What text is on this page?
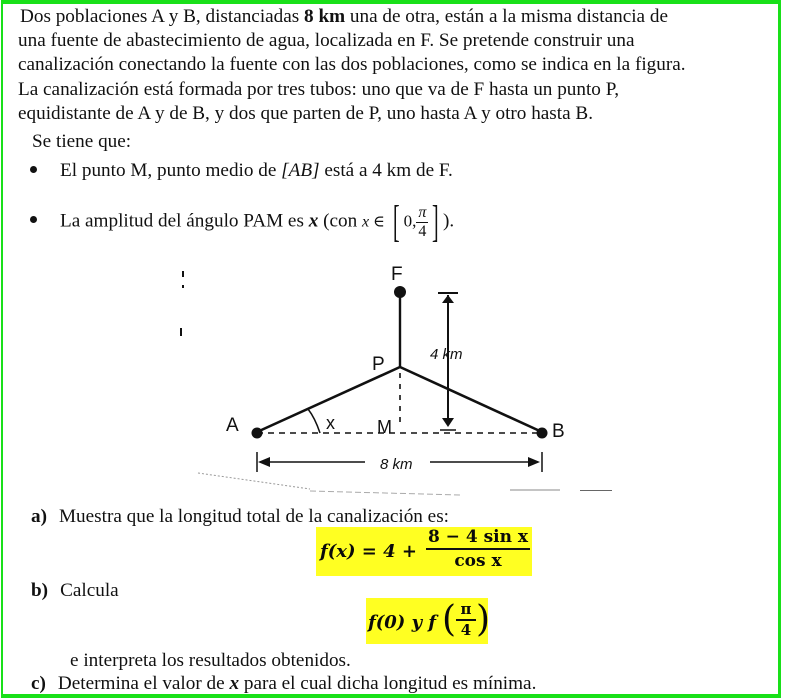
Dos poblaciones A y B, distanciadas 8 km una de otra, están a la misma distancia de

una fuente de abastecimiento de agua, localizada en F. Se pretende construir una

canalización conectando la fuente con las dos poblaciones, como se indica en la figura.

La canalización está formada por tres tubos: uno que va de F hasta un punto P,

equidistante de A y de B, y dos que parten de P, uno hasta A y otro hasta B.

Se tiene que:
El punto M, punto medio de [AB] está a 4 km de F.
La amplitud del ángulo PAM es x (con x ∈ [ 0, $\frac{\pi}{4}$ ] ).
F
P
A	B
M
x
4 km
8 km
a) Muestra que la longitud total de la canalización es:
$f(x) = 4 + \frac{\text{8 − 4 sin x}}{\text{cos x}}$
b) Calcula
f(0) y f ( $\frac{\pi}{4}$ )
e interpreta los resultados obtenidos.
c) Determina el valor de x para el cual dicha longitud es mínima.
